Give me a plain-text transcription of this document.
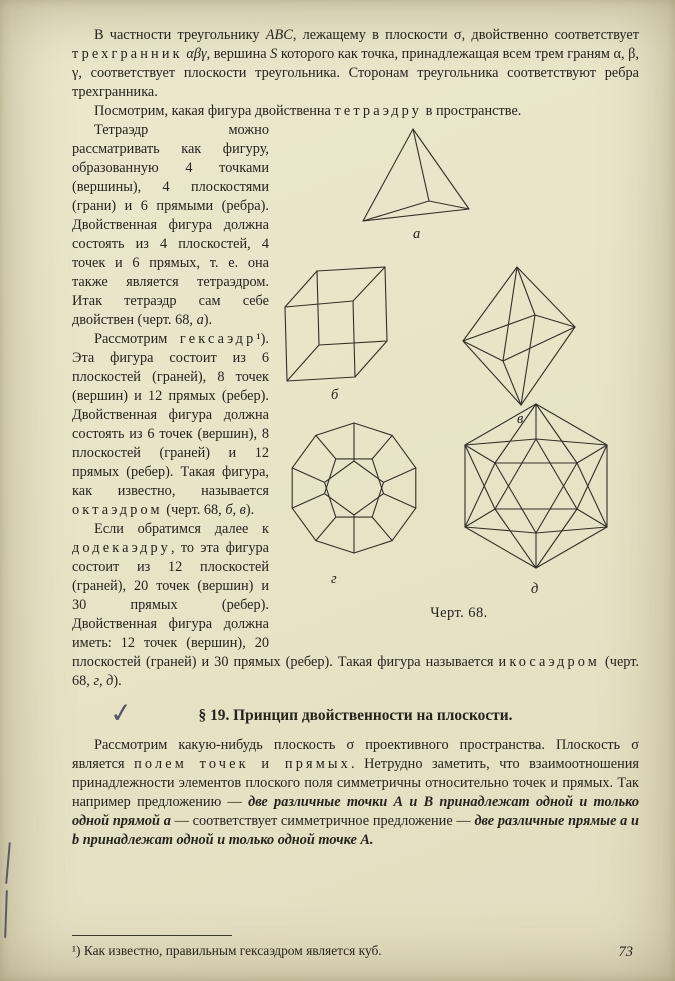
В частности треугольнику ABC, лежащему в плоскости σ, двойственно соответствует трехгранник αβγ, вершина S которого как точка, принадлежащая всем трем граням α, β, γ, соответствует плоскости треугольника. Сторонам треугольника соответствуют ребра трехгранника.

Посмотрим, какая фигура двойственна тетраэдру в пространстве.

а
б
в
г
д
Черт. 68.

Тетраэдр можно рассматривать как фигуру, образованную 4 точками (вершины), 4 плоскостями (грани) и 6 прямыми (ребра). Двойственная фигура должна состоять из 4 плоскостей, 4 точек и 6 прямых, т. е. она также является тетраэдром. Итак тетраэдр сам себе двойствен (черт. 68, а).

Рассмотрим гексаэдр¹). Эта фигура состоит из 6 плоскостей (граней), 8 точек (вершин) и 12 прямых (ребер). Двойственная фигура должна состоять из 6 точек (вершин), 8 плоскостей (граней) и 12 прямых (ребер). Такая фигура, как известно, называется октаэдром (черт. 68, б, в).

Если обратимся далее к додекаэдру, то эта фигура состоит из 12 плоскостей (граней), 20 точек (вершин) и 30 прямых (ребер). Двойственная фигура должна иметь: 12 точек (вершин), 20 плоскостей (граней) и 30 прямых (ребер). Такая фигура называется икосаэдром (черт. 68, г, д).

✓	§ 19. Принцип двойственности на плоскости.

Рассмотрим какую-нибудь плоскость σ проективного пространства. Плоскость σ является полем точек и прямых. Нетрудно заметить, что взаимоотношения принадлежности элементов плоского поля симметричны относительно точек и прямых. Так например предложению — две различные точки А и В принадлежат одной и только одной прямой а — соответствует симметричное предложение — две различные прямые а и b принадлежат одной и только одной точке А.

¹) Как известно, правильным гексаэдром является куб.	73
